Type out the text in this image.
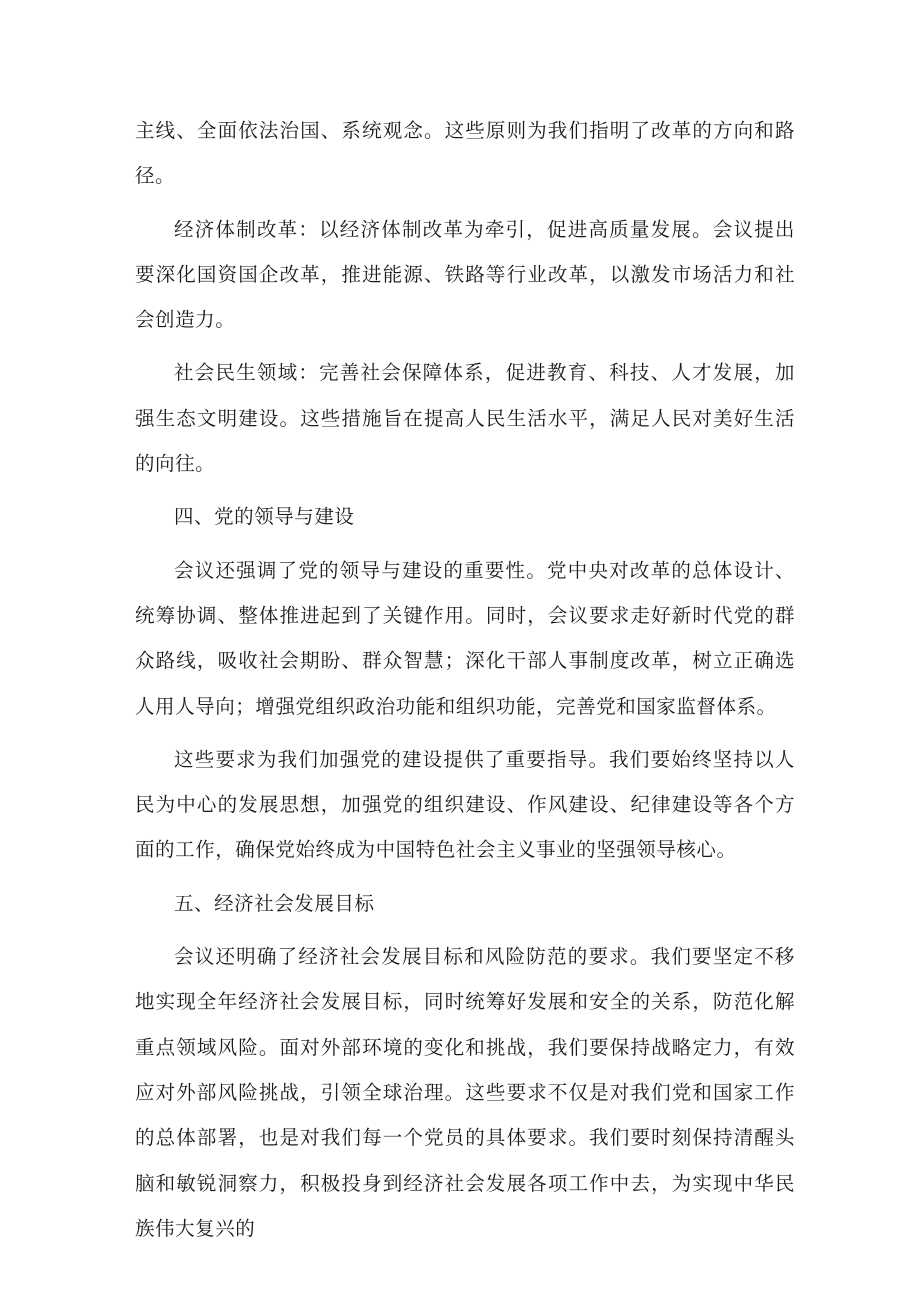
主线、全面依法治国、系统观念。这些原则为我们指明了改革的方向和路径。

经济体制改革：以经济体制改革为牵引，促进高质量发展。会议提出要深化国资国企改革，推进能源、铁路等行业改革，以激发市场活力和社会创造力。

社会民生领域：完善社会保障体系，促进教育、科技、人才发展，加强生态文明建设。这些措施旨在提高人民生活水平，满足人民对美好生活的向往。

四、党的领导与建设

会议还强调了党的领导与建设的重要性。党中央对改革的总体设计、统筹协调、整体推进起到了关键作用。同时，会议要求走好新时代党的群众路线，吸收社会期盼、群众智慧；深化干部人事制度改革，树立正确选人用人导向；增强党组织政治功能和组织功能，完善党和国家监督体系。

这些要求为我们加强党的建设提供了重要指导。我们要始终坚持以人民为中心的发展思想，加强党的组织建设、作风建设、纪律建设等各个方面的工作，确保党始终成为中国特色社会主义事业的坚强领导核心。

五、经济社会发展目标

会议还明确了经济社会发展目标和风险防范的要求。我们要坚定不移地实现全年经济社会发展目标，同时统筹好发展和安全的关系，防范化解重点领域风险。面对外部环境的变化和挑战，我们要保持战略定力，有效应对外部风险挑战，引领全球治理。这些要求不仅是对我们党和国家工作的总体部署，也是对我们每一个党员的具体要求。我们要时刻保持清醒头脑和敏锐洞察力，积极投身到经济社会发展各项工作中去，为实现中华民族伟大复兴的
